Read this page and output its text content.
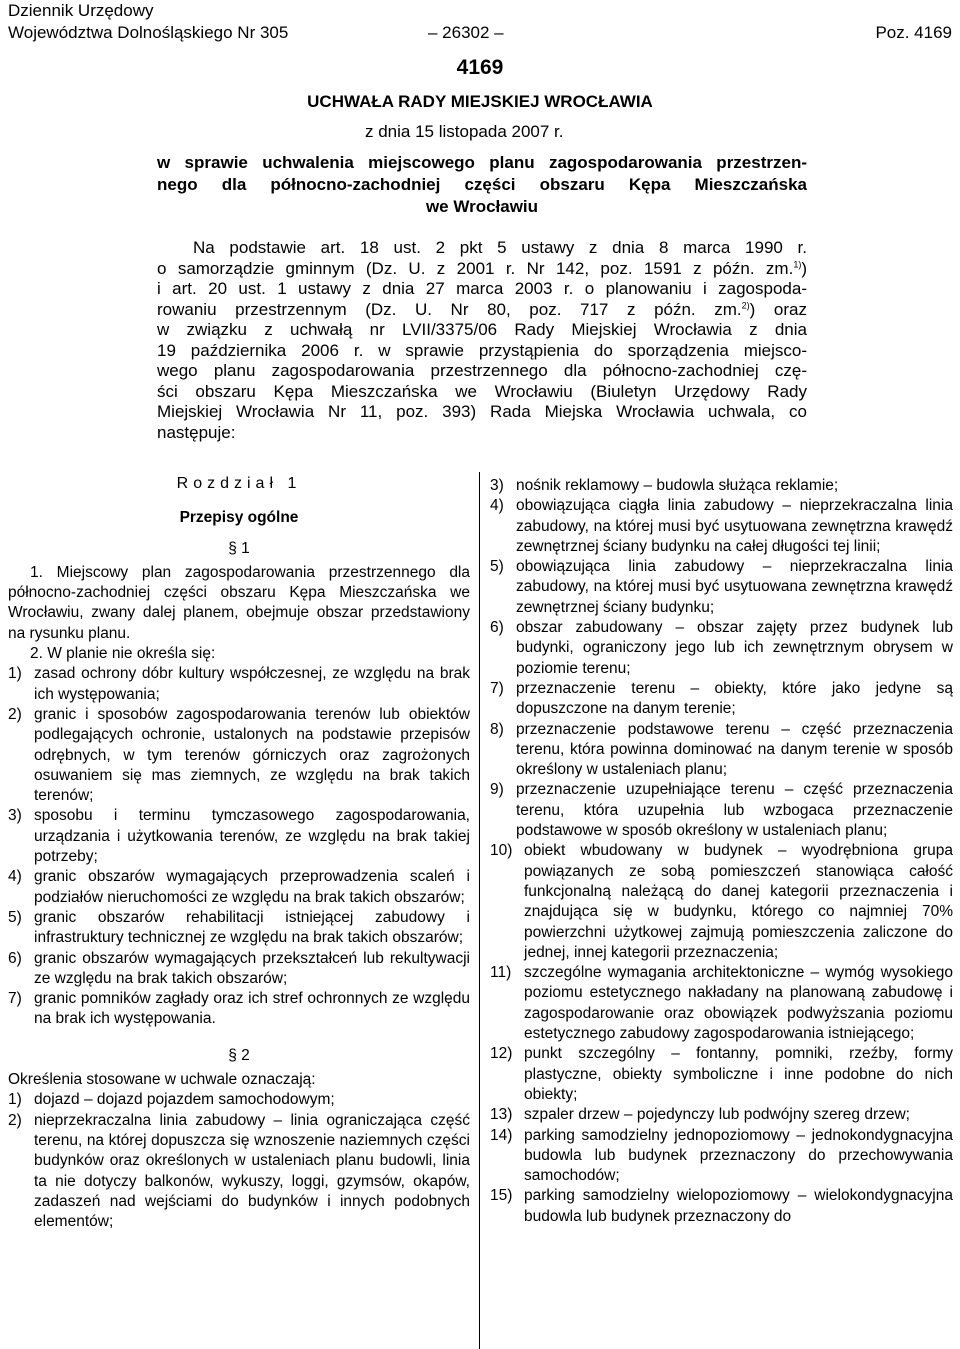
Dziennik Urzędowy
Województwa Dolnośląskiego Nr 305	– 26302 –	Poz. 4169
4169
UCHWAŁA RADY MIEJSKIEJ WROCŁAWIA
z dnia 15 listopada 2007 r.
w sprawie uchwalenia miejscowego planu zagospodarowania przestrzen-
nego dla północno-zachodniej części obszaru Kępa Mieszczańska
we Wrocławiu
Na podstawie art. 18 ust. 2 pkt 5 ustawy z dnia 8 marca 1990 r.
o samorządzie gminnym (Dz. U. z 2001 r. Nr 142, poz. 1591 z późn. zm.$^{1)}$)
i art. 20 ust. 1 ustawy z dnia 27 marca 2003 r. o planowaniu i zagospoda-
rowaniu przestrzennym (Dz. U. Nr 80, poz. 717 z późn. zm.$^{2)}$) oraz
w związku z uchwałą nr LVII/3375/06 Rady Miejskiej Wrocławia z dnia
19 października 2006 r. w sprawie przystąpienia do sporządzenia miejsco-
wego planu zagospodarowania przestrzennego dla północno-zachodniej czę-
ści obszaru Kępa Mieszczańska we Wrocławiu (Biuletyn Urzędowy Rady
Miejskiej Wrocławia Nr 11, poz. 393) Rada Miejska Wrocławia uchwala, co
następuje:
Rozdział 1
Przepisy ogólne
§ 1
1. Miejscowy plan zagospodarowania przestrzennego dla północno-zachodniej części obszaru Kępa Mieszczańska we Wrocławiu, zwany dalej planem, obejmuje obszar przedstawiony na rysunku planu.
2. W planie nie określa się:
1) zasad ochrony dóbr kultury współczesnej, ze względu na brak ich występowania;
2) granic i sposobów zagospodarowania terenów lub obiektów podlegających ochronie, ustalonych na podstawie przepisów odrębnych, w tym terenów górniczych oraz zagrożonych osuwaniem się mas ziemnych, ze względu na brak takich terenów;
3) sposobu i terminu tymczasowego zagospodarowania, urządzania i użytkowania terenów, ze względu na brak takiej potrzeby;
4) granic obszarów wymagających przeprowadzenia scaleń i podziałów nieruchomości ze względu na brak takich obszarów;
5) granic obszarów rehabilitacji istniejącej zabudowy i infrastruktury technicznej ze względu na brak takich obszarów;
6) granic obszarów wymagających przekształceń lub rekultywacji ze względu na brak takich obszarów;
7) granic pomników zagłady oraz ich stref ochronnych ze względu na brak ich występowania.
§ 2
Określenia stosowane w uchwale oznaczają:
1) dojazd – dojazd pojazdem samochodowym;
2) nieprzekraczalna linia zabudowy – linia ograniczająca część terenu, na której dopuszcza się wznoszenie naziemnych części budynków oraz określonych w ustaleniach planu budowli, linia ta nie dotyczy balkonów, wykuszy, loggi, gzymsów, okapów, zadaszeń nad wejściami do budynków i innych podobnych elementów;
3) nośnik reklamowy – budowla służąca reklamie;
4) obowiązująca ciągła linia zabudowy – nieprzekraczalna linia zabudowy, na której musi być usytuowana zewnętrzna krawędź zewnętrznej ściany budynku na całej długości tej linii;
5) obowiązująca linia zabudowy – nieprzekraczalna linia zabudowy, na której musi być usytuowana zewnętrzna krawędź zewnętrznej ściany budynku;
6) obszar zabudowany – obszar zajęty przez budynek lub budynki, ograniczony jego lub ich zewnętrznym obrysem w poziomie terenu;
7) przeznaczenie terenu – obiekty, które jako jedyne są dopuszczone na danym terenie;
8) przeznaczenie podstawowe terenu – część przeznaczenia terenu, która powinna dominować na danym terenie w sposób określony w ustaleniach planu;
9) przeznaczenie uzupełniające terenu – część przeznaczenia terenu, która uzupełnia lub wzbogaca przeznaczenie podstawowe w sposób określony w ustaleniach planu;
10) obiekt wbudowany w budynek – wyodrębniona grupa powiązanych ze sobą pomieszczeń stanowiąca całość funkcjonalną należącą do danej kategorii przeznaczenia i znajdująca się w budynku, którego co najmniej 70% powierzchni użytkowej zajmują pomieszczenia zaliczone do jednej, innej kategorii przeznaczenia;
11) szczególne wymagania architektoniczne – wymóg wysokiego poziomu estetycznego nakładany na planowaną zabudowę i zagospodarowanie oraz obowiązek podwyższania poziomu estetycznego zabudowy zagospodarowania istniejącego;
12) punkt szczególny – fontanny, pomniki, rzeźby, formy plastyczne, obiekty symboliczne i inne podobne do nich obiekty;
13) szpaler drzew – pojedynczy lub podwójny szereg drzew;
14) parking samodzielny jednopoziomowy – jednokondygnacyjna budowla lub budynek przeznaczony do przechowywania samochodów;
15) parking samodzielny wielopoziomowy – wielokondygnacyjna budowla lub budynek przeznaczony do
